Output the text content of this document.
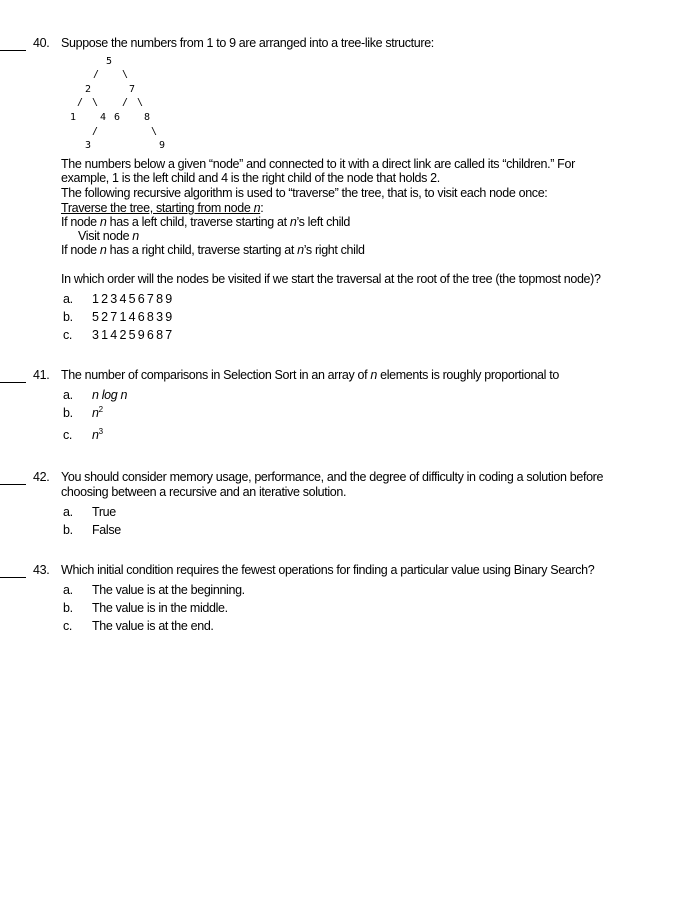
40. Suppose the numbers from 1 to 9 are arranged into a tree-like structure:
5
/ \
2	7
/ \ / \
1 4 6 8
/	\
3	9
The numbers below a given “node” and connected to it with a direct link are called its “children.” For
example, 1 is the left child and 4 is the right child of the node that holds 2.
The following recursive algorithm is used to “traverse” the tree, that is, to visit each node once:
Traverse the tree, starting from node n:
If node n has a left child, traverse starting at n’s left child
Visit node n
If node n has a right child, traverse starting at n’s right child
In which order will the nodes be visited if we start the traversal at the root of the tree (the topmost node)?
a. 123456789
b. 527146839
c. 314259687
41. The number of comparisons in Selection Sort in an array of n elements is roughly proportional to
a. n log n
b. $n^2$
c. $n^3$
42. You should consider memory usage, performance, and the degree of difficulty in coding a solution before
choosing between a recursive and an iterative solution.
a. True
b. False
43. Which initial condition requires the fewest operations for finding a particular value using Binary Search?
a. The value is at the beginning.
b. The value is in the middle.
c. The value is at the end.
